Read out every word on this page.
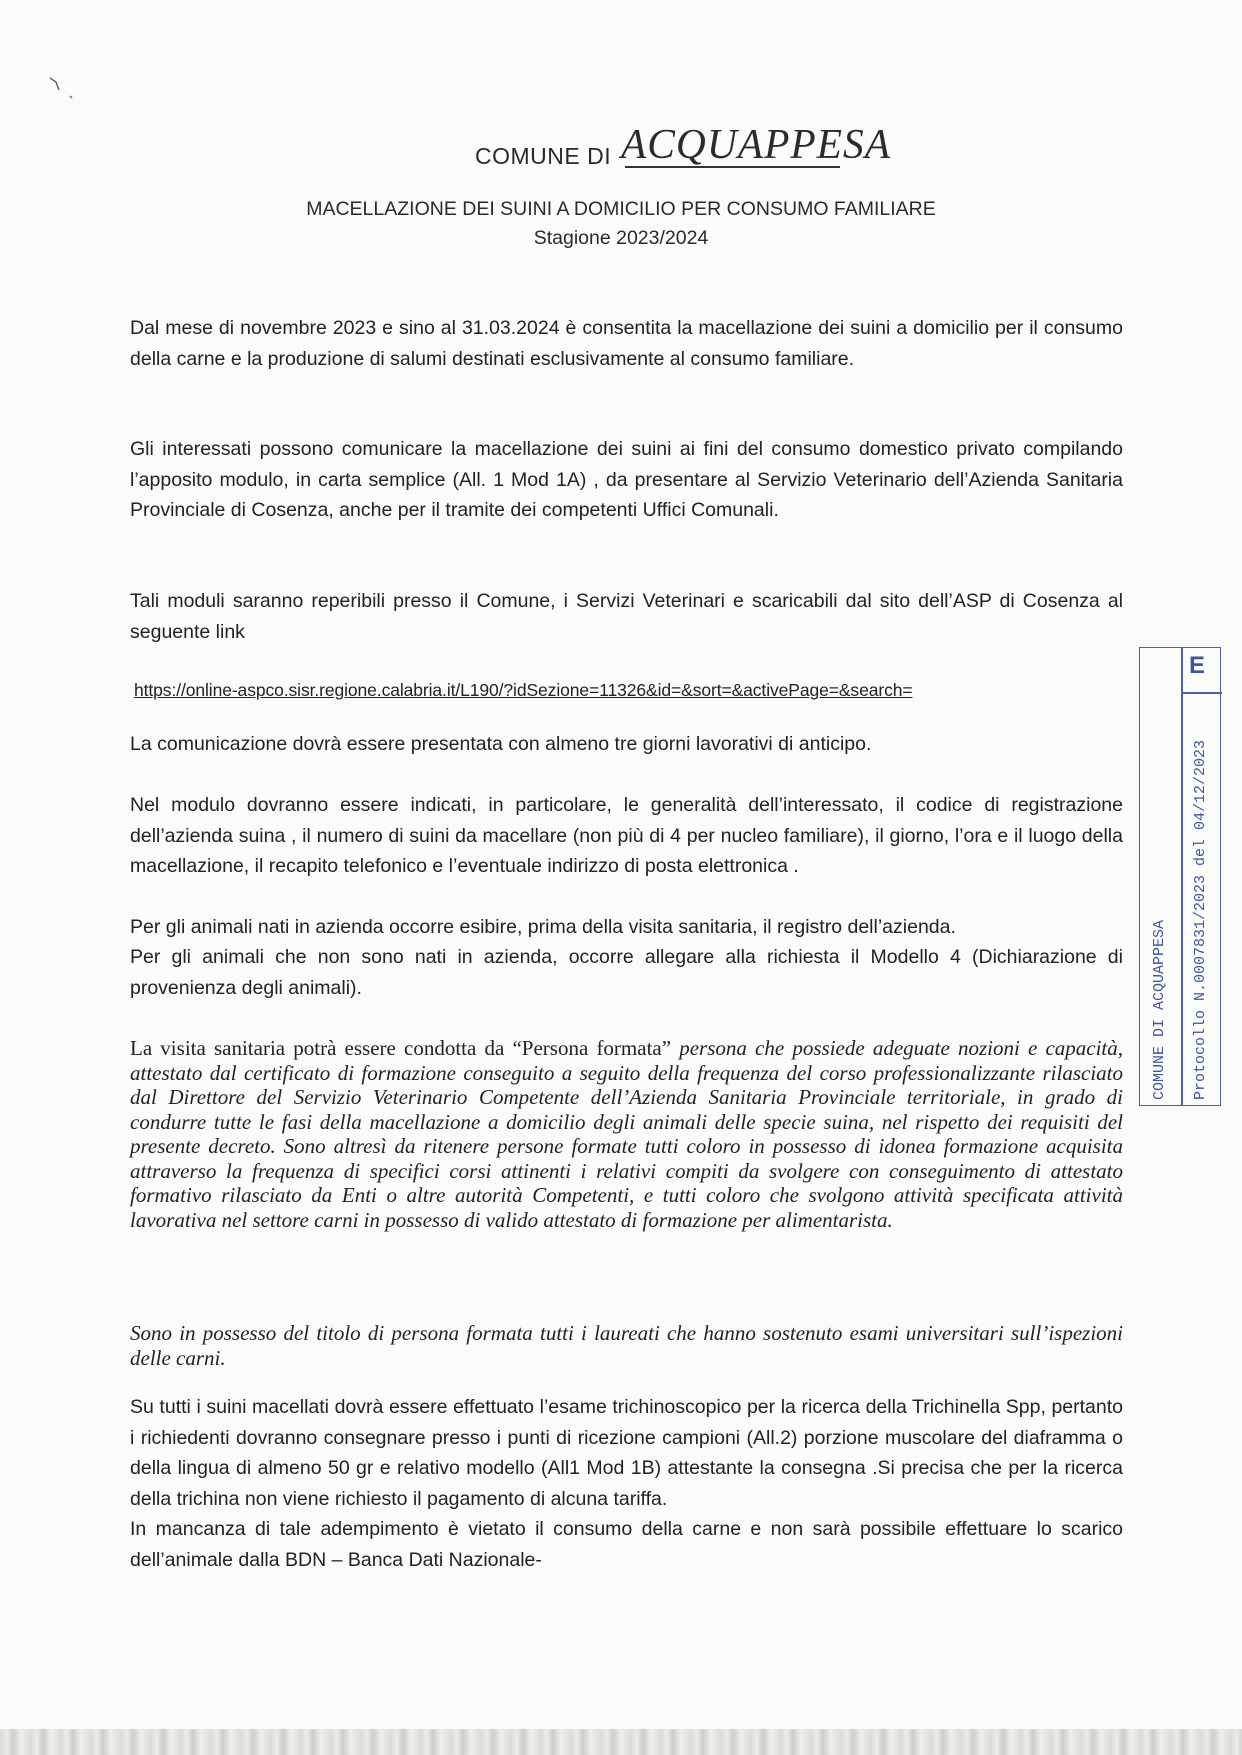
COMUNE DI ACQUAPPESA
MACELLAZIONE DEI SUINI A DOMICILIO PER CONSUMO FAMILIARE
Stagione 2023/2024
Dal mese di novembre 2023 e sino al 31.03.2024 è consentita la macellazione dei suini a domicilio per il consumo della carne e la produzione di salumi destinati esclusivamente al consumo familiare.
Gli interessati possono comunicare la macellazione dei suini ai fini del consumo domestico privato compilando l’apposito modulo, in carta semplice (All. 1 Mod 1A) , da presentare al Servizio Veterinario dell’Azienda Sanitaria Provinciale di Cosenza, anche per il tramite dei competenti Uffici Comunali.
Tali moduli saranno reperibili presso il Comune, i Servizi Veterinari e scaricabili dal sito dell’ASP di Cosenza al seguente link
https://online-aspco.sisr.regione.calabria.it/L190/?idSezione=11326&id=&sort=&activePage=&search=
La comunicazione dovrà essere presentata con almeno tre giorni lavorativi di anticipo.
Nel modulo dovranno essere indicati, in particolare, le generalità dell’interessato, il codice di registrazione dell’azienda suina , il numero di suini da macellare (non più di 4 per nucleo familiare), il giorno, l’ora e il luogo della macellazione, il recapito telefonico e l’eventuale indirizzo di posta elettronica .
Per gli animali nati in azienda occorre esibire, prima della visita sanitaria, il registro dell’azienda.
Per gli animali che non sono nati in azienda, occorre allegare alla richiesta il Modello 4 (Dichiarazione di provenienza degli animali).
La visita sanitaria potrà essere condotta da “Persona formata” persona che possiede adeguate nozioni e capacità, attestato dal certificato di formazione conseguito a seguito della frequenza del corso professionalizzante rilasciato dal Direttore del Servizio Veterinario Competente dell’Azienda Sanitaria Provinciale territoriale, in grado di condurre tutte le fasi della macellazione a domicilio degli animali delle specie suina, nel rispetto dei requisiti del presente decreto. Sono altresì da ritenere persone formate tutti coloro in possesso di idonea formazione acquisita attraverso la frequenza di specifici corsi attinenti i relativi compiti da svolgere con conseguimento di attestato formativo rilasciato da Enti o altre autorità Competenti, e tutti coloro che svolgono attività specificata attività lavorativa nel settore carni in possesso di valido attestato di formazione per alimentarista.
Sono in possesso del titolo di persona formata tutti i laureati che hanno sostenuto esami universitari sull’ispezioni delle carni.
Su tutti i suini macellati dovrà essere effettuato l’esame trichinoscopico per la ricerca della Trichinella Spp, pertanto i richiedenti dovranno consegnare presso i punti di ricezione campioni (All.2) porzione muscolare del diaframma o della lingua di almeno 50 gr e relativo modello (All1 Mod 1B) attestante la consegna .Si precisa che per la ricerca della trichina non viene richiesto il pagamento di alcuna tariffa.
In mancanza di tale adempimento è vietato il consumo della carne e non sarà possibile effettuare lo scarico dell’animale dalla BDN – Banca Dati Nazionale-
E
COMUNE DI ACQUAPPESA Protocollo N.0007831/2023 del 04/12/2023
